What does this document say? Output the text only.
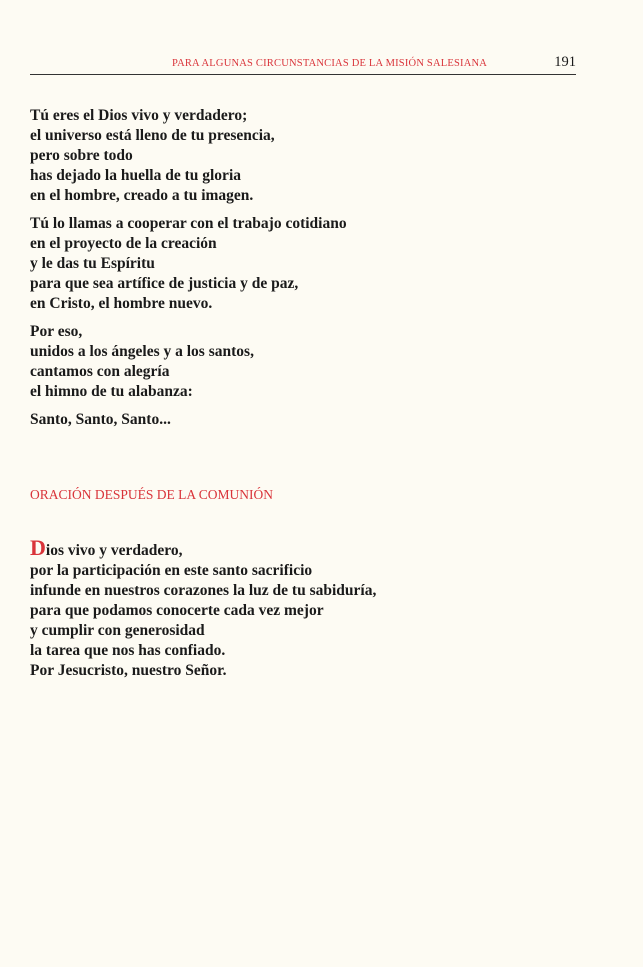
PARA ALGUNAS CIRCUNSTANCIAS DE LA MISIÓN SALESIANA	191
Tú eres el Dios vivo y verdadero;
el universo está lleno de tu presencia,
pero sobre todo
has dejado la huella de tu gloria
en el hombre, creado a tu imagen.
Tú lo llamas a cooperar con el trabajo cotidiano
en el proyecto de la creación
y le das tu Espíritu
para que sea artífice de justicia y de paz,
en Cristo, el hombre nuevo.
Por eso,
unidos a los ángeles y a los santos,
cantamos con alegría
el himno de tu alabanza:
Santo, Santo, Santo...
ORACIÓN DESPUÉS DE LA COMUNIÓN
Dios vivo y verdadero,
por la participación en este santo sacrificio
infunde en nuestros corazones la luz de tu sabiduría,
para que podamos conocerte cada vez mejor
y cumplir con generosidad
la tarea que nos has confiado.
Por Jesucristo, nuestro Señor.
